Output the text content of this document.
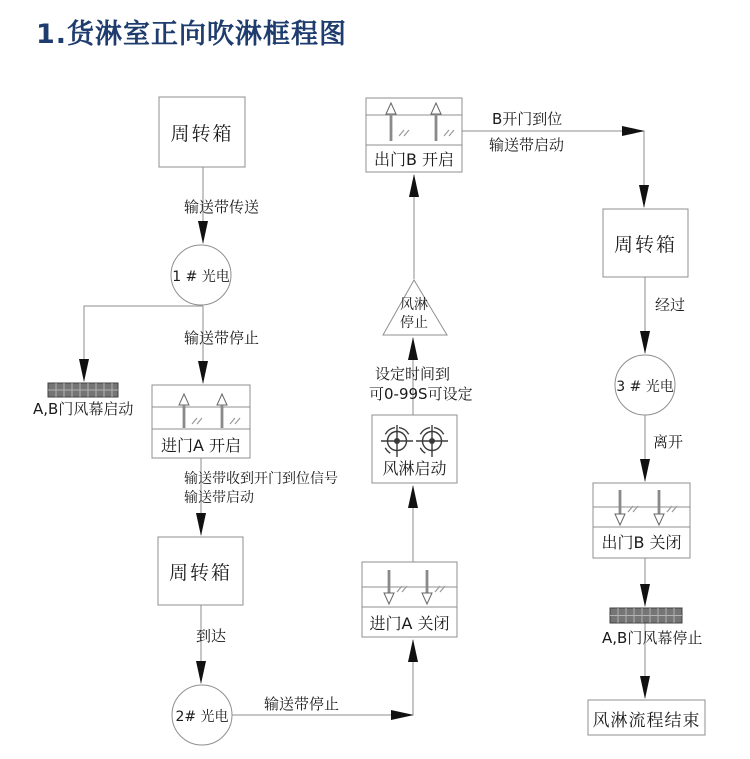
1.货淋室正向吹淋框程图
周转箱
输送带传送
1 # 光电
输送带停止
A,B门风幕启动
进门A 开启
输送带收到开门到位信号
输送带启动
周转箱
到达
2# 光电
输送带停止
出门B 开启
B开门到位
输送带启动
风淋
停止
设定时间到
可0-99S可设定
风淋启动
进门A 关闭
周转箱
经过
3 # 光电
离开
出门B 关闭
A,B门风幕停止
风淋流程结束
